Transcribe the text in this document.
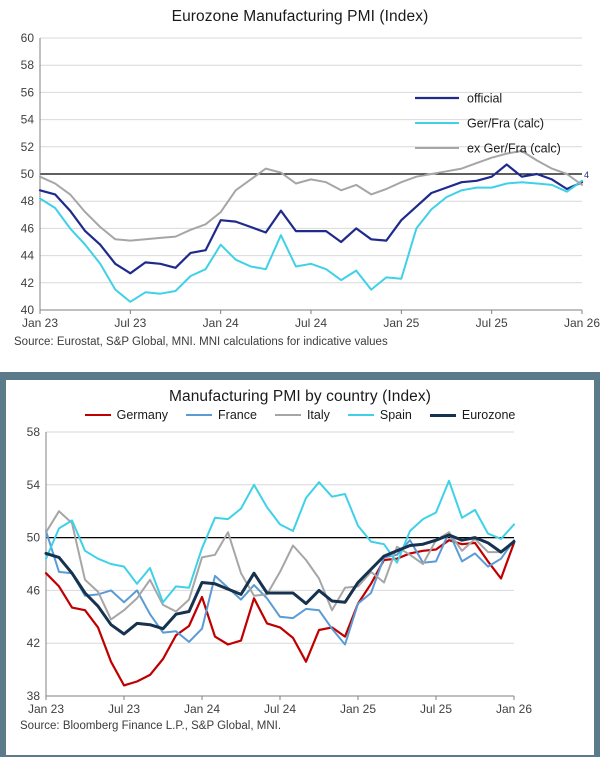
Eurozone Manufacturing PMI (Index)
40
42
44
46
48
50
52
54
56
58
60
Jan 23	Jul 23	Jan 24	Jul 24	Jan 25	Jul 25	Jan 26
official
Ger/Fra (calc)
ex Ger/Fra (calc)
4
Source: Eurostat, S&P Global, MNI. MNI calculations for indicative values
Manufacturing PMI by country (Index)
Germany	France	Italy	Spain	Eurozone
38
42
46
50
54
58
Jan 23	Jul 23	Jan 24	Jul 24	Jan 25	Jul 25	Jan 26
Source: Bloomberg Finance L.P., S&P Global, MNI.
